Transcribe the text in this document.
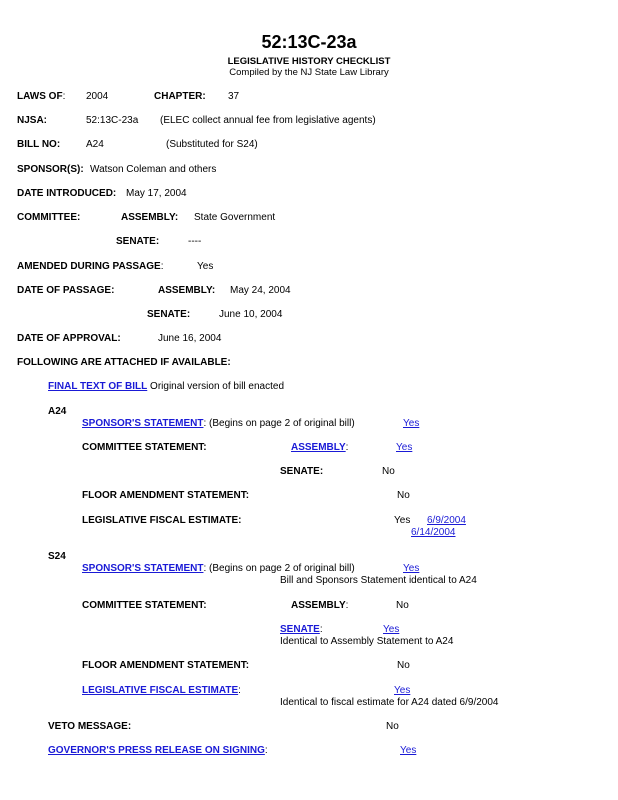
52:13C-23a
LEGISLATIVE HISTORY CHECKLIST
Compiled by the NJ State Law Library
LAWS OF: 2004	CHAPTER: 37
NJSA:	52:13C-23a (ELEC collect annual fee from legislative agents)
BILL NO:	A24	(Substituted for S24)
SPONSOR(S): Watson Coleman and others
DATE INTRODUCED: May 17, 2004
COMMITTEE:	ASSEMBLY: State Government
SENATE:	----
AMENDED DURING PASSAGE:	Yes
DATE OF PASSAGE:	ASSEMBLY: May 24, 2004
SENATE:	June 10, 2004
DATE OF APPROVAL:	June 16, 2004
FOLLOWING ARE ATTACHED IF AVAILABLE:
FINAL TEXT OF BILL Original version of bill enacted
A24
SPONSOR'S STATEMENT: (Begins on page 2 of original bill)	Yes
COMMITTEE STATEMENT:	ASSEMBLY:	Yes
SENATE:	No
FLOOR AMENDMENT STATEMENT:	No
LEGISLATIVE FISCAL ESTIMATE:	Yes 6/9/2004
6/14/2004
S24
SPONSOR'S STATEMENT: (Begins on page 2 of original bill)	Yes
Bill and Sponsors Statement identical to A24
COMMITTEE STATEMENT:	ASSEMBLY:	No
SENATE:	Yes
Identical to Assembly Statement to A24
FLOOR AMENDMENT STATEMENT:	No
LEGISLATIVE FISCAL ESTIMATE:	Yes
Identical to fiscal estimate for A24 dated 6/9/2004
VETO MESSAGE:	No
GOVERNOR'S PRESS RELEASE ON SIGNING:	Yes
